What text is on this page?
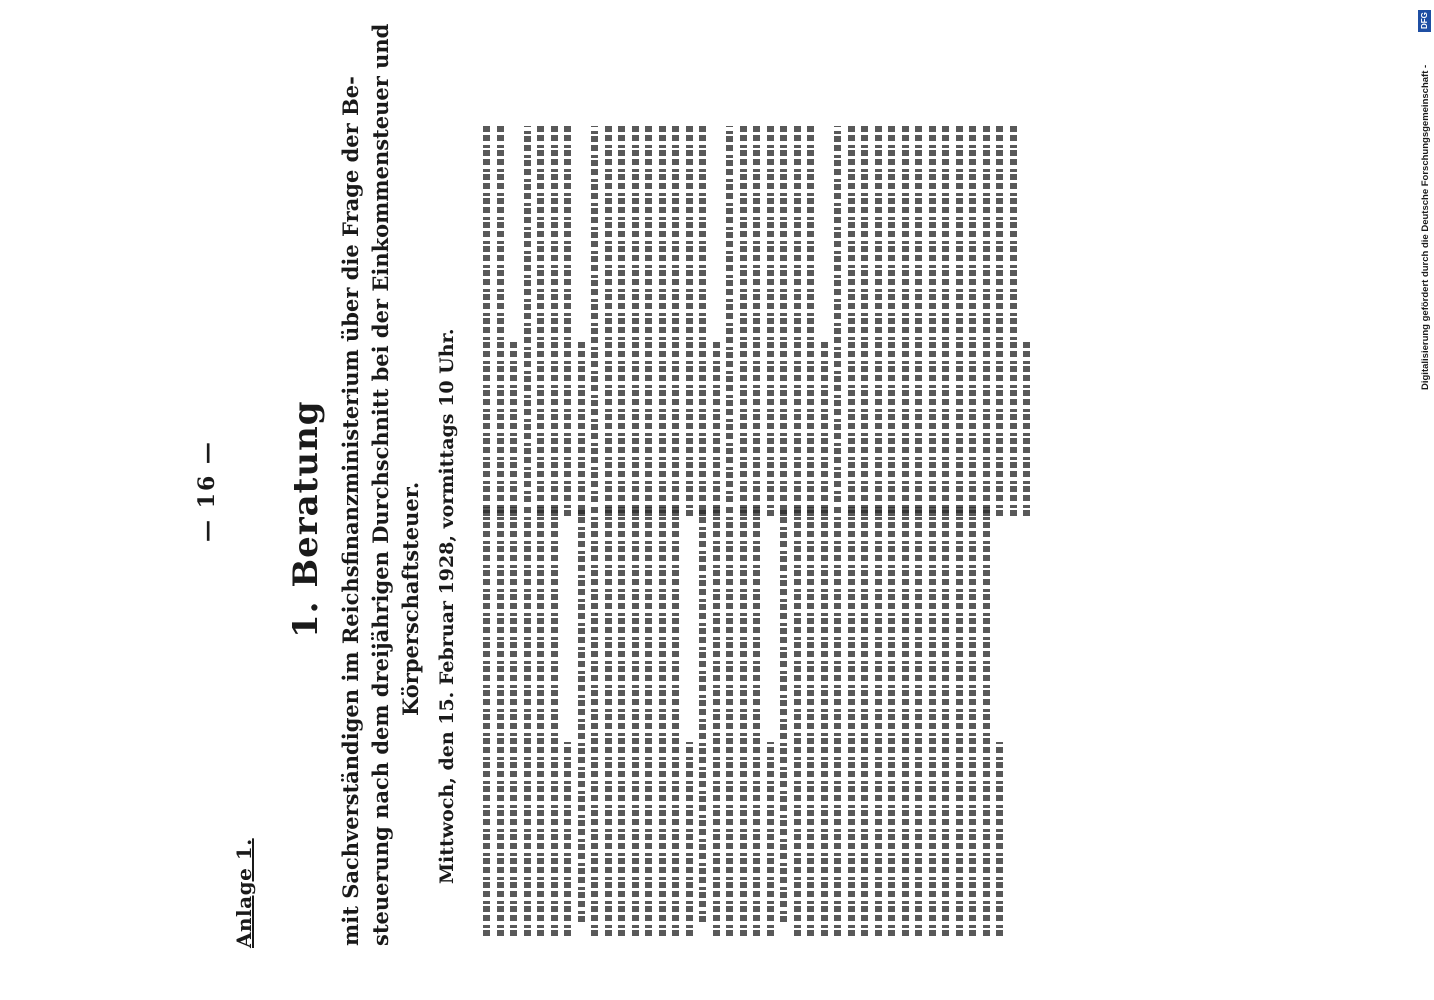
Anlage 1.
— 16 — 1. Beratung mit Sachverständigen im Reichsfinanzministerium über die Frage der Be- steuerung nach dem dreijährigen Durchschnitt bei der Einkommensteuer und Körperschaftsteuer. Mittwoch, den 15. Februar 1928, vormittags 10 Uhr.
Digitalisierung gefördert durch die Deutsche Forschungsgemeinschaft -
DFG
